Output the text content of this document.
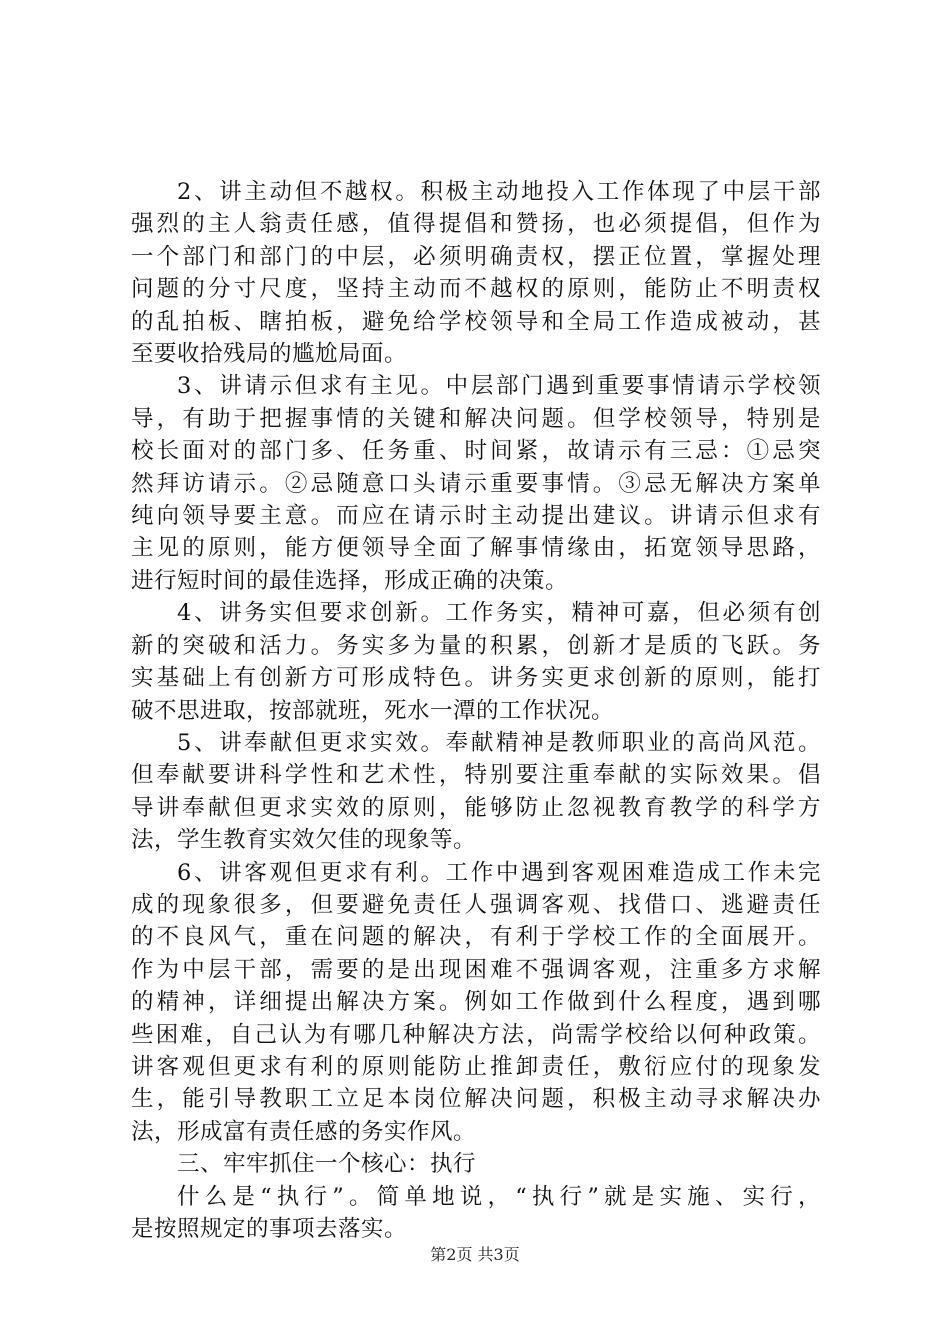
2、讲主动但不越权。积极主动地投入工作体现了中层干部
强烈的主人翁责任感，值得提倡和赞扬，也必须提倡，但作为
一个部门和部门的中层，必须明确责权，摆正位置，掌握处理
问题的分寸尺度，坚持主动而不越权的原则，能防止不明责权
的乱拍板、瞎拍板，避免给学校领导和全局工作造成被动，甚
至要收拾残局的尴尬局面。
3、讲请示但求有主见。中层部门遇到重要事情请示学校领
导，有助于把握事情的关键和解决问题。但学校领导，特别是
校长面对的部门多、任务重、时间紧，故请示有三忌：①忌突
然拜访请示。②忌随意口头请示重要事情。③忌无解决方案单
纯向领导要主意。而应在请示时主动提出建议。讲请示但求有
主见的原则，能方便领导全面了解事情缘由，拓宽领导思路，
进行短时间的最佳选择，形成正确的决策。
4、讲务实但要求创新。工作务实，精神可嘉，但必须有创
新的突破和活力。务实多为量的积累，创新才是质的飞跃。务
实基础上有创新方可形成特色。讲务实更求创新的原则，能打
破不思进取，按部就班，死水一潭的工作状况。
5、讲奉献但更求实效。奉献精神是教师职业的高尚风范。
但奉献要讲科学性和艺术性，特别要注重奉献的实际效果。倡
导讲奉献但更求实效的原则，能够防止忽视教育教学的科学方
法，学生教育实效欠佳的现象等。
6、讲客观但更求有利。工作中遇到客观困难造成工作未完
成的现象很多，但要避免责任人强调客观、找借口、逃避责任
的不良风气，重在问题的解决，有利于学校工作的全面展开。
作为中层干部，需要的是出现困难不强调客观，注重多方求解
的精神，详细提出解决方案。例如工作做到什么程度，遇到哪
些困难，自己认为有哪几种解决方法，尚需学校给以何种政策。
讲客观但更求有利的原则能防止推卸责任，敷衍应付的现象发
生，能引导教职工立足本岗位解决问题，积极主动寻求解决办
法，形成富有责任感的务实作风。
三、牢牢抓住一个核心：执行
什么是“执行”。简单地说，“执行”就是实施、实行，
是按照规定的事项去落实。
第2页 共3页
